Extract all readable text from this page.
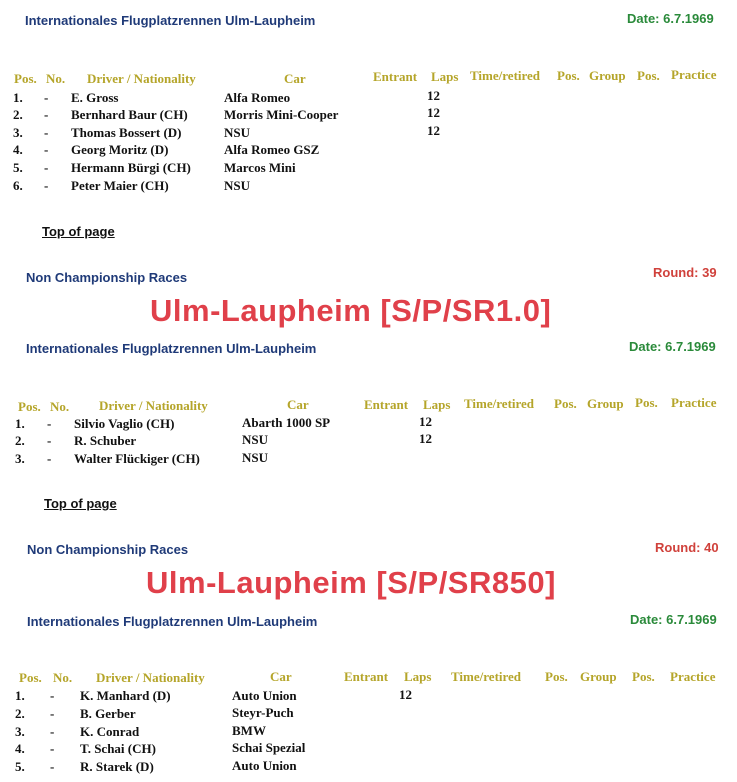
Internationales Flugplatzrennen Ulm-Laupheim	Date: 6.7.1969
Pos. No. Driver / Nationality	Car	Entrant Laps Time/retired Pos. Group Pos. Practice
1. - E. Gross	Alfa Romeo	12
2. - Bernhard Baur (CH)	Morris Mini-Cooper	12
3. - Thomas Bossert (D)	NSU	12
4. - Georg Moritz (D)	Alfa Romeo GSZ
5. - Hermann Bürgi (CH)	Marcos Mini
6. - Peter Maier (CH)	NSU
Top of page
Non Championship Races	Round: 39
Ulm-Laupheim [S/P/SR1.0]
Internationales Flugplatzrennen Ulm-Laupheim	Date: 6.7.1969
Pos. No. Driver / Nationality	Car	Entrant Laps Time/retired Pos. Group Pos. Practice
1. - Silvio Vaglio (CH)	Abarth 1000 SP	12
2. - R. Schuber	NSU	12
3. - Walter Flückiger (CH)	NSU
Top of page
Non Championship Races	Round: 40
Ulm-Laupheim [S/P/SR850]
Internationales Flugplatzrennen Ulm-Laupheim	Date: 6.7.1969
Pos. No. Driver / Nationality	Car	Entrant Laps Time/retired Pos. Group Pos. Practice
1. - K. Manhard (D)	Auto Union	12
2. - B. Gerber	Steyr-Puch
3. - K. Conrad	BMW
4. - T. Schai (CH)	Schai Spezial
5. - R. Starek (D)	Auto Union
